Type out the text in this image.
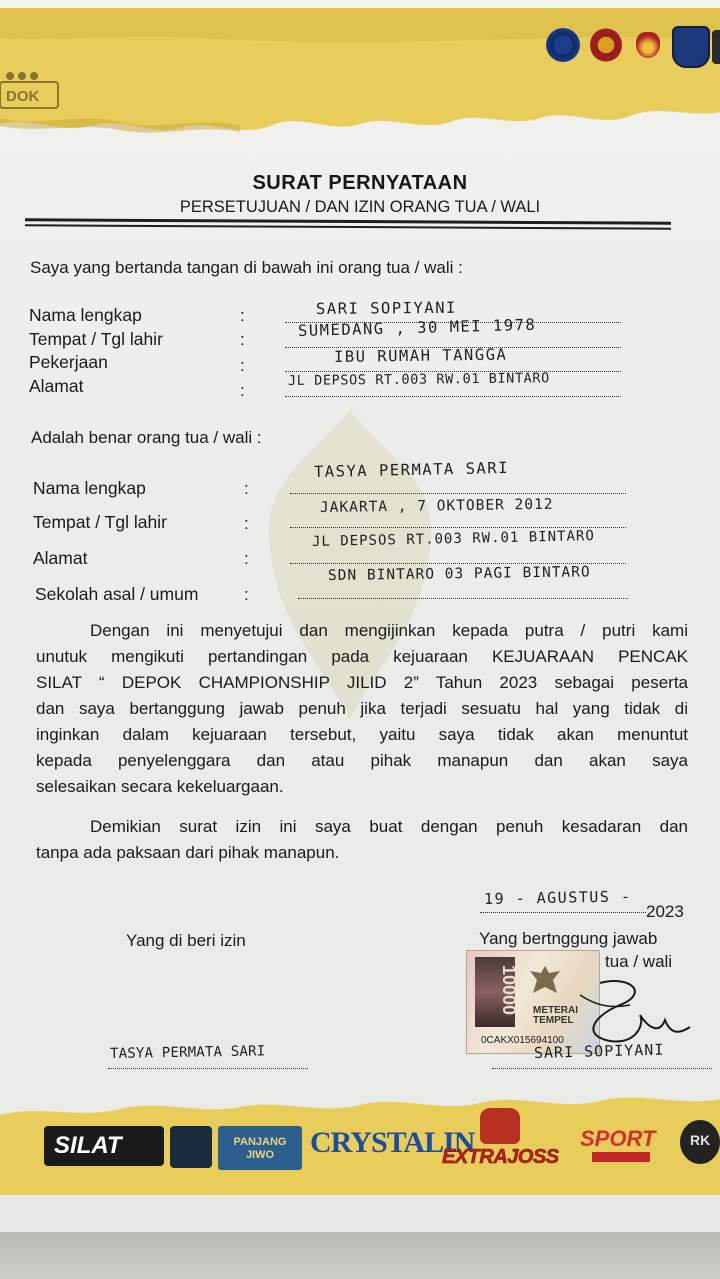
DOK
SURAT PERNYATAAN
PERSETUJUAN / DAN IZIN ORANG TUA / WALI
Saya yang bertanda tangan di bawah ini orang tua / wali :
Nama lengkap	:	SARI SOPIYANI
Tempat / Tgl lahir	:	SUMEDANG , 30 MEI 1978
Pekerjaan	:	IBU RUMAH TANGGA
Alamat	:
JL DEPSOS RT.003 RW.01 BINTARO
Adalah benar orang tua / wali :
Nama lengkap	:
TASYA PERMATA SARI
Tempat / Tgl lahir	:
JAKARTA , 7 OKTOBER 2012
Alamat	:
JL DEPSOS RT.003 RW.01 BINTARO
Sekolah asal / umum	:
SDN BINTARO 03 PAGI BINTARO
Dengan ini menyetujui dan mengijinkan kepada putra / putri kami
unutuk mengikuti pertandingan pada kejuaraan KEJUARAAN PENCAK
SILAT “ DEPOK CHAMPIONSHIP JILID 2” Tahun 2023 sebagai peserta
dan saya bertanggung jawab penuh jika terjadi sesuatu hal yang tidak di
inginkan dalam kejuaraan tersebut, yaitu saya tidak akan menuntut
kepada penyelenggara dan atau pihak manapun dan akan saya
selesaikan secara kekeluargaan.
Demikian surat izin ini saya buat dengan penuh kesadaran dan
tanpa ada paksaan dari pihak manapun.
19 - AGUSTUS -
2023
Yang di beri izin	Yang bertnggung jawab
tua / wali
10000 METERAI TEMPEL
0CAKX015694100
TASYA PERMATA SARI	SARI SOPIYANI
SILAT	PANJANG JIWO	CRYSTALIN
EXTRAJOSS
SPORT RK
